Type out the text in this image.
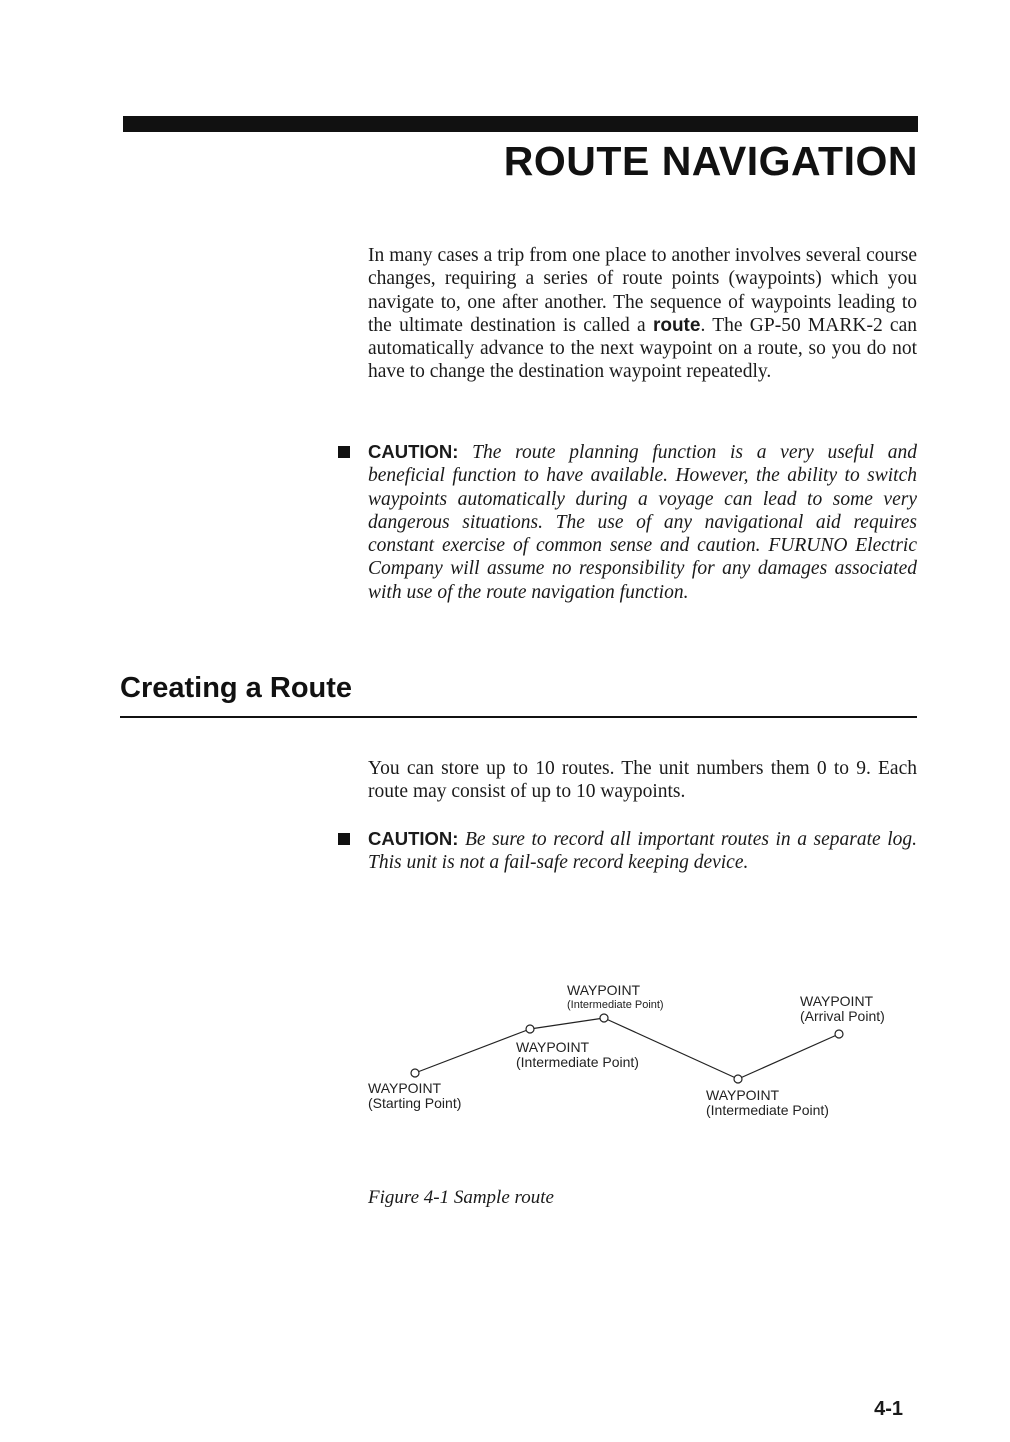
ROUTE NAVIGATION
In many cases a trip from one place to another involves several course changes, requiring a series of route points (waypoints) which you navigate to, one after another. The sequence of waypoints leading to the ultimate destination is called a route. The GP-50 MARK-2 can automatically advance to the next waypoint on a route, so you do not have to change the destination waypoint repeatedly.
CAUTION: The route planning function is a very useful and beneficial function to have available. However, the ability to switch waypoints automatically during a voyage can lead to some very dangerous situations. The use of any navigational aid requires constant exercise of common sense and caution. FURUNO Electric Company will assume no responsibility for any damages associated with use of the route navigation function.
Creating a Route
You can store up to 10 routes. The unit numbers them 0 to 9. Each route may consist of up to 10 waypoints.
CAUTION: Be sure to record all important routes in a separate log. This unit is not a fail-safe record keeping device.
WAYPOINT
(Starting Point)
WAYPOINT
(Intermediate Point)
WAYPOINT
(Intermediate Point)
WAYPOINT
(Intermediate Point)
WAYPOINT
(Arrival Point)
Figure 4-1 Sample route
4-1
